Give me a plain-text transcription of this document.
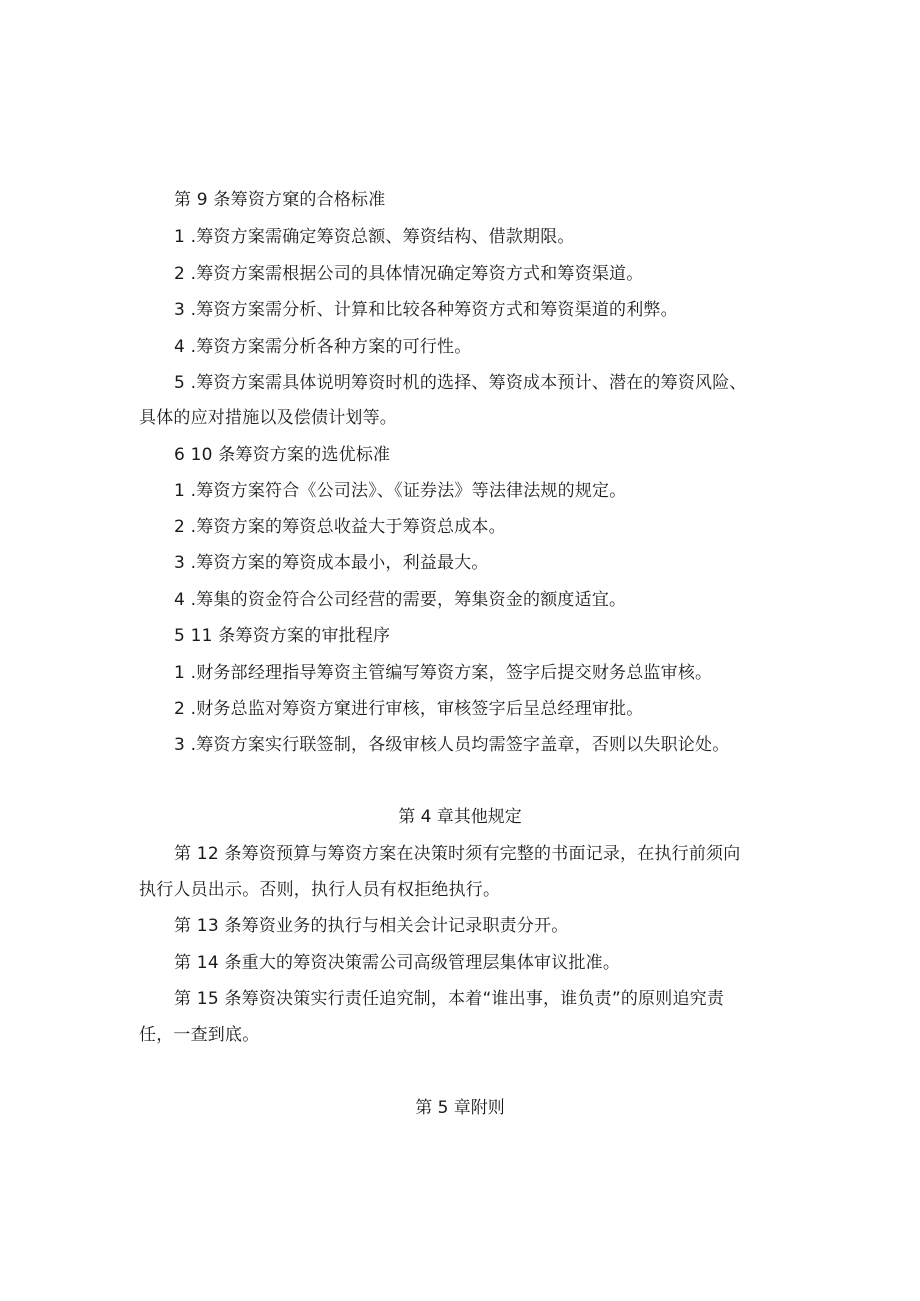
第 9 条筹资方窠的合格标准
1 .筹资方案需确定筹资总额、筹资结构、借款期限。
2 .筹资方案需根据公司的具体情况确定筹资方式和筹资渠道。
3 .筹资方案需分析、计算和比较各种筹资方式和筹资渠道的利弊。
4 .筹资方案需分析各种方案的可行性。
5 .筹资方案需具体说明筹资时机的选择、筹资成本预计、潜在的筹资风险、
具体的应对措施以及偿债计划等。
6 10 条筹资方案的选优标准
1 .筹资方案符合《公司法》、《证券法》等法律法规的规定。
2 .筹资方案的筹资总收益大于筹资总成本。
3 .筹资方案的筹资成本最小，利益最大。
4 .筹集的资金符合公司经营的需要，筹集资金的额度适宜。
5 11 条筹资方案的审批程序
1 .财务部经理指导筹资主管编写筹资方案，签字后提交财务总监审核。
2 .财务总监对筹资方窠进行审核，审核签字后呈总经理审批。
3 .筹资方案实行联签制，各级审核人员均需签字盖章，否则以失职论处。
第 4 章其他规定
第 12 条筹资预算与筹资方案在决策时须有完整的书面记录，在执行前须向
执行人员出示。否则，执行人员有权拒绝执行。
第 13 条筹资业务的执行与相关会计记录职责分开。
第 14 条重大的筹资决策需公司高级管理层集体审议批准。
第 15 条筹资决策实行责任追究制，本着“谁出事，谁负责”的原则追究责
任，一查到底。
第 5 章附则
